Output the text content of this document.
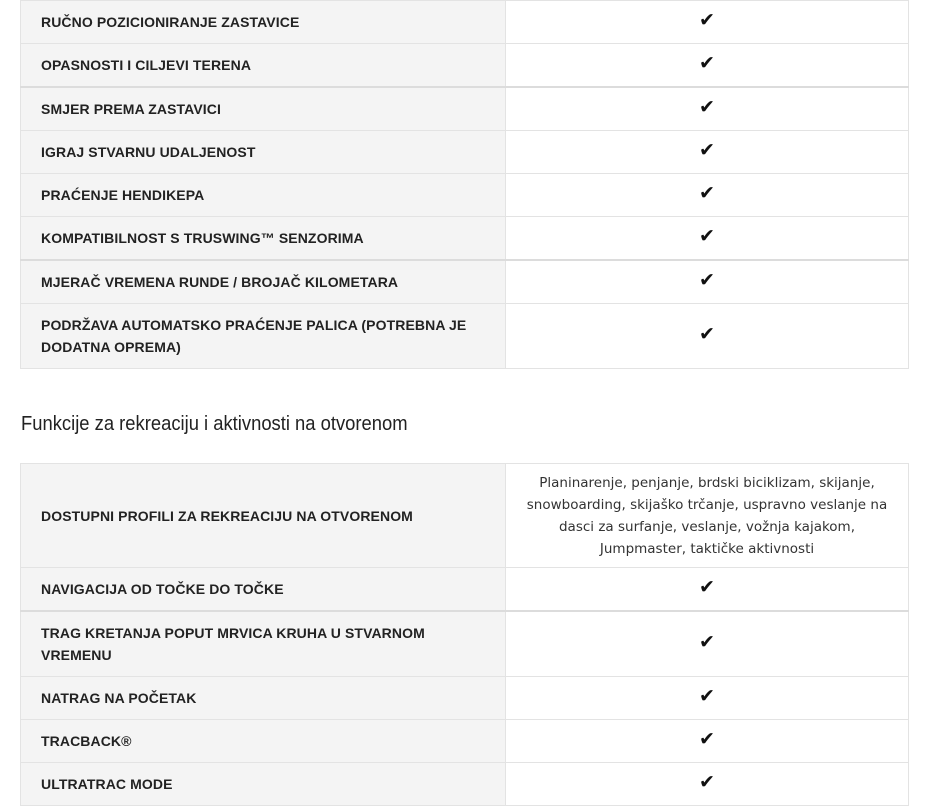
RUČNO POZICIONIRANJE ZASTAVICE	✔
OPASNOSTI I CILJEVI TERENA	✔
SMJER PREMA ZASTAVICI	✔
IGRAJ STVARNU UDALJENOST	✔
PRAĆENJE HENDIKEPA	✔
KOMPATIBILNOST S TRUSWING™ SENZORIMA	✔
MJERAČ VREMENA RUNDE / BROJAČ KILOMETARA	✔
PODRŽAVA AUTOMATSKO PRAĆENJE PALICA (POTREBNA JE DODATNA OPREMA)	✔
Funkcije za rekreaciju i aktivnosti na otvorenom
DOSTUPNI PROFILI ZA REKREACIJU NA OTVORENOM	Planinarenje, penjanje, brdski biciklizam, skijanje, snowboarding, skijaško trčanje, uspravno veslanje na dasci za surfanje, veslanje, vožnja kajakom, Jumpmaster, taktičke aktivnosti
NAVIGACIJA OD TOČKE DO TOČKE	✔
TRAG KRETANJA POPUT MRVICA KRUHA U STVARNOM VREMENU	✔
NATRAG NA POČETAK	✔
TRACBACK®	✔
ULTRATRAC MODE	✔
